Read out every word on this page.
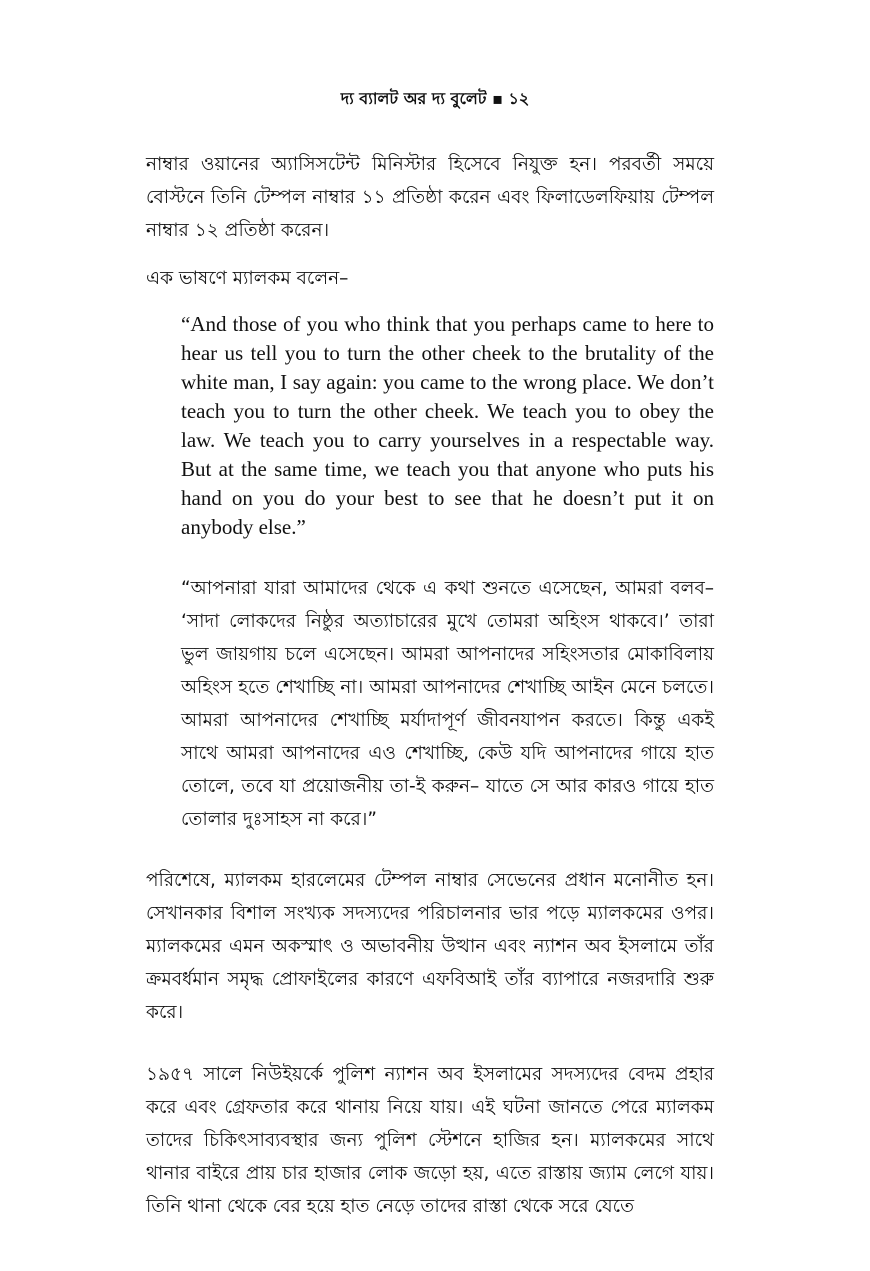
দ্য ব্যালট অর দ্য বুলেট ▪ ১২

নাম্বার ওয়ানের অ্যাসিসটেন্ট মিনিস্টার হিসেবে নিযুক্ত হন। পরবর্তী সময়ে বোস্টনে তিনি টেম্পল নাম্বার ১১ প্রতিষ্ঠা করেন এবং ফিলাডেলফিয়ায় টেম্পল নাম্বার ১২ প্রতিষ্ঠা করেন।

এক ভাষণে ম্যালকম বলেন–

“And those of you who think that you perhaps came to here to hear us tell you to turn the other cheek to the brutality of the white man, I say again: you came to the wrong place. We don’t teach you to turn the other cheek. We teach you to obey the law. We teach you to carry yourselves in a respectable way. But at the same time, we teach you that anyone who puts his hand on you do your best to see that he doesn’t put it on anybody else.”

“আপনারা যারা আমাদের থেকে এ কথা শুনতে এসেছেন, আমরা বলব– ‘সাদা লোকদের নিষ্ঠুর অত্যাচারের মুখে তোমরা অহিংস থাকবে।’ তারা ভুল জায়গায় চলে এসেছেন। আমরা আপনাদের সহিংসতার মোকাবিলায় অহিংস হতে শেখাচ্ছি না। আমরা আপনাদের শেখাচ্ছি আইন মেনে চলতে। আমরা আপনাদের শেখাচ্ছি মর্যাদাপূর্ণ জীবনযাপন করতে। কিন্তু একই সাথে আমরা আপনাদের এও শেখাচ্ছি, কেউ যদি আপনাদের গায়ে হাত তোলে, তবে যা প্রয়োজনীয় তা-ই করুন– যাতে সে আর কারও গায়ে হাত তোলার দুঃসাহস না করে।”

পরিশেষে, ম্যালকম হারলেমের টেম্পল নাম্বার সেভেনের প্রধান মনোনীত হন। সেখানকার বিশাল সংখ্যক সদস্যদের পরিচালনার ভার পড়ে ম্যালকমের ওপর। ম্যালকমের এমন অকস্মাৎ ও অভাবনীয় উত্থান এবং ন্যাশন অব ইসলামে তাঁর ক্রমবর্ধমান সমৃদ্ধ প্রোফাইলের কারণে এফবিআই তাঁর ব্যাপারে নজরদারি শুরু করে।

১৯৫৭ সালে নিউইয়র্কে পুলিশ ন্যাশন অব ইসলামের সদস্যদের বেদম প্রহার করে এবং গ্রেফতার করে থানায় নিয়ে যায়। এই ঘটনা জানতে পেরে ম্যালকম তাদের চিকিৎসাব্যবস্থার জন্য পুলিশ স্টেশনে হাজির হন। ম্যালকমের সাথে থানার বাইরে প্রায় চার হাজার লোক জড়ো হয়, এতে রাস্তায় জ্যাম লেগে যায়। তিনি থানা থেকে বের হয়ে হাত নেড়ে তাদের রাস্তা থেকে সরে যেতে
